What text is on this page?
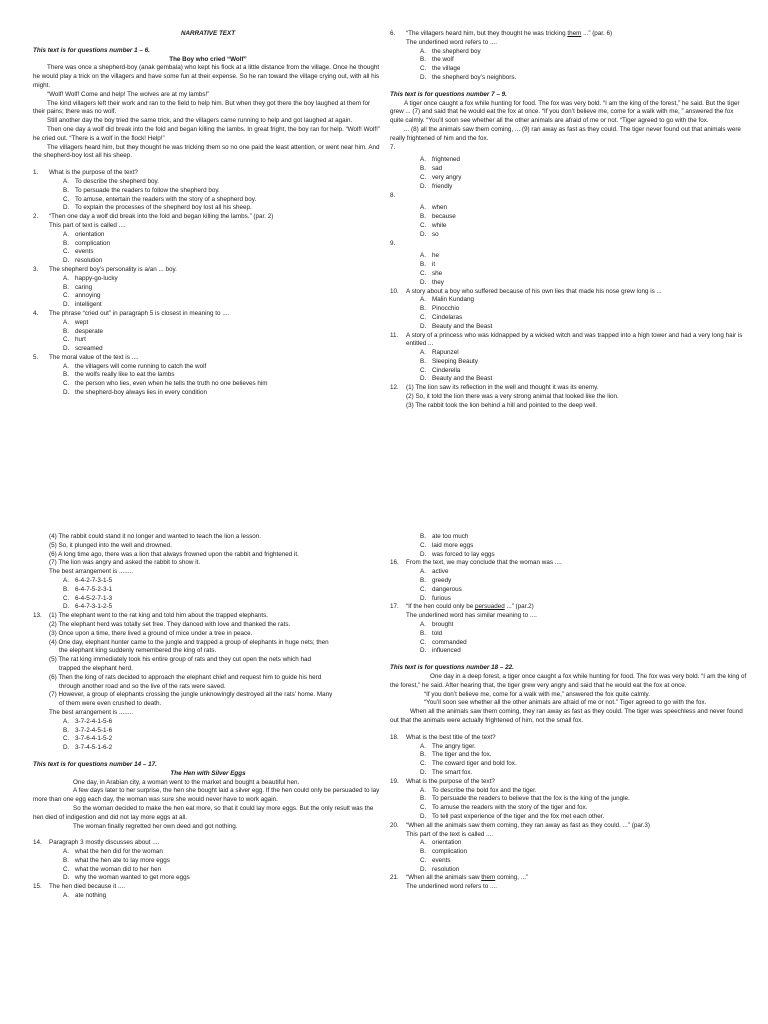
NARRATIVE TEXT

This text is for questions number 1 – 6.

The Boy who cried “Wolf”

There was once a shepherd-boy (anak gembala) who kept his flock at a little distance from the village. Once he thought he would play a trick on the villagers and have some fun at their expense. So he ran toward the village crying out, with all his might.

“Wolf! Wolf! Come and help! The wolves are at my lambs!”

The kind villagers left their work and ran to the field to help him. But when they got there the boy laughed at them for their pains; there was no wolf.

Still another day the boy tried the same trick, and the villagers came running to help and got laughed at again.

Then one day a wolf did break into the fold and began killing the lambs. In great fright, the boy ran for help. “Wolf! Wolf!” he cried out. “There is a wolf in the flock! Help!”

The villagers heard him, but they thought he was tricking them so no one paid the least attention, or went near him. And the shepherd-boy lost all his sheep.

1.	What is the purpose of the text?
A. To describe the shepherd boy.
B. To persuade the readers to follow the shepherd boy.
C. To amuse, entertain the readers with the story of a shepherd boy.
D. To explain the processes of the shepherd boy lost all his sheep.
2.	“Then one day a wolf did break into the fold and began killing the lambs.” (par. 2)
This part of text is called ....
A. orientation
B. complication
C. events
D. resolution
3.	The shepherd boy’s personality is a/an ... boy.
A. happy-go-lucky
B. caring
C. annoying
D. intelligent
4.	The phrase “cried out” in paragraph 5 is closest in meaning to ....
A. wept
B. desperate
C. hurt
D. screamed
5.	The moral value of the text is ....
A. the villagers will come running to catch the wolf
B. the wolfs really like to eat the lambs
C. the person who lies, even when he tells the truth no one believes him
D. the shepherd-boy always lies in every condition
6.	“The villagers heard him, but they thought he was tricking them ...” (par. 6)
The underlined word refers to ....
A. the shepherd boy
B. the wolf
C. the village
D. the shepherd boy’s neighbors.

This text is for questions number 7 – 9.

A tiger once caught a fox while hunting for food. The fox was very bold. “I am the king of the forest,” he said. But the tiger grew ... (7) and said that he would eat the fox at once. “If you don’t believe me, come for a walk with me, ” answered the fox quite calmly. “You’ll soon see whether all the other animals are afraid of me or not. “Tiger agreed to go with the fox.

... (8) all the animals saw them coming, ... (9) ran away as fast as they could. The tiger never found out that animals were really frightened of him and the fox.

7.
A. frightened
B. sad
C. very angry
D. friendly
8.
A. when
B. because
C. while
D. so
9.
A. he
B. it
C. she
D. they
10.	A story about a boy who suffered because of his own lies that made his nose grew long is ...
A. Malin Kundang
B. Pinocchio
C. Cindelaras
D. Beauty and the Beast
11.	A story of a princess who was kidnapped by a wicked witch and was trapped into a high tower and had a very long hair is entitled ...
A. Rapunzel
B. Sleeping Beauty
C. Cinderella
D. Beauty and the Beast
12.	(1) The lion saw its reflection in the well and thought it was its enemy.
(2) So, it told the lion there was a very strong animal that looked like the lion.
(3) The rabbit took the lion behind a hill and pointed to the deep well.

(4) The rabbit could stand it no longer and wanted to teach the lion a lesson.

(5) So, it plunged into the well and drowned.

(6) A long time ago, there was a lion that always frowned upon the rabbit and frightened it.

(7) The lion was angry and asked the rabbit to show it.

The best arrangement is ........

A. 6-4-2-7-3-1-5
B. 6-4-7-5-2-3-1
C. 6-4-5-2-7-1-3
D. 6-4-7-3-1-2-5
13.	(1) The elephant went to the rat king and told him about the trapped elephants.
(2) The elephant herd was totally set free. They danced with love and thanked the rats.
(3) Once upon a time, there lived a ground of mice under a tree in peace.
(4) One day, elephant hunter came to the jungle and trapped a group of elephants in huge nets; then
the elephant king suddenly remembered the king of rats.
(5) The rat king immediately took his entire group of rats and they cut open the nets which had
trapped the elephant herd.
(6) Then the king of rats decided to approach the elephant chief and request him to guide his herd
through another road and so the live of the rats were saved.
(7) However, a group of elephants crossing the jungle unknowingly destroyed all the rats’ home. Many
of them were even crushed to death.
The best arrangement is ........
A. 3-7-2-4-1-5-6
B. 3-7-2-4-5-1-6
C. 3-7-6-4-1-5-2
D. 3-7-4-5-1-6-2

This text is for questions number 14 – 17.

The Hen with Silver Eggs

One day, in Arabian city, a woman went to the market and bought a beautiful hen.

A few days later to her surprise, the hen she bought laid a silver egg. If the hen could only be persuaded to lay more than one egg each day, the woman was sure she would never have to work again.

So the woman decided to make the hen eat more, so that it could lay more eggs. But the only result was the hen died of indigestion and did not lay more eggs at all.

The woman finally regretted her own deed and got nothing.

14.	Paragraph 3 mostly discusses about ....
A. what the hen did for the woman
B. what the hen ate to lay more eggs
C. what the woman did to her hen
D. why the woman wanted to get more eggs
15.	The hen died because it ....
A. ate nothing
B. ate too much
C. laid more eggs
D. was forced to lay eggs
16.	From the text, we may conclude that the woman was ....
A. active
B. greedy
C. dangerous
D. furious
17.	“If the hen could only be persuaded ...” (par.2)
The underlined word has similar meaning to ....
A. brought
B. told
C. commanded
D. influenced

This text is for questions number 18 – 22.

One day in a deep forest, a tiger once caught a fox while hunting for food. The fox was very bold. “I am the king of the forest,” he said. After hearing that, the tiger grew very angry and said that he would eat the fox at once.

“If you don’t believe me, come for a walk with me,” answered the fox quite calmly.

“You’ll soon see whether all the other animals are afraid of me or not.” Tiger agreed to go with the fox.

When all the animals saw them coming, they ran away as fast as they could. The tiger was speechless and never found out that the animals were actually frightened of him, not the small fox.

18.	What is the best title of the text?
A. The angry tiger.
B. The tiger and the fox.
C. The coward tiger and bold fox.
D. The smart fox.
19.	What is the purpose of the text?
A. To describe the bold fox and the tiger.
B. To persuade the readers to believe that the fox is the king of the jungle.
C. To amuse the readers with the story of the tiger and fox.
D. To tell past experience of the tiger and the fox met each other.
20.	“When all the animals saw them coming, they ran away as fast as they could. ...” (par.3)
This part of the text is called ....
A. orientation
B. complication
C. events
D. resolution
21.	“When all the animals saw them coming, ...”
The underlined word refers to ....
